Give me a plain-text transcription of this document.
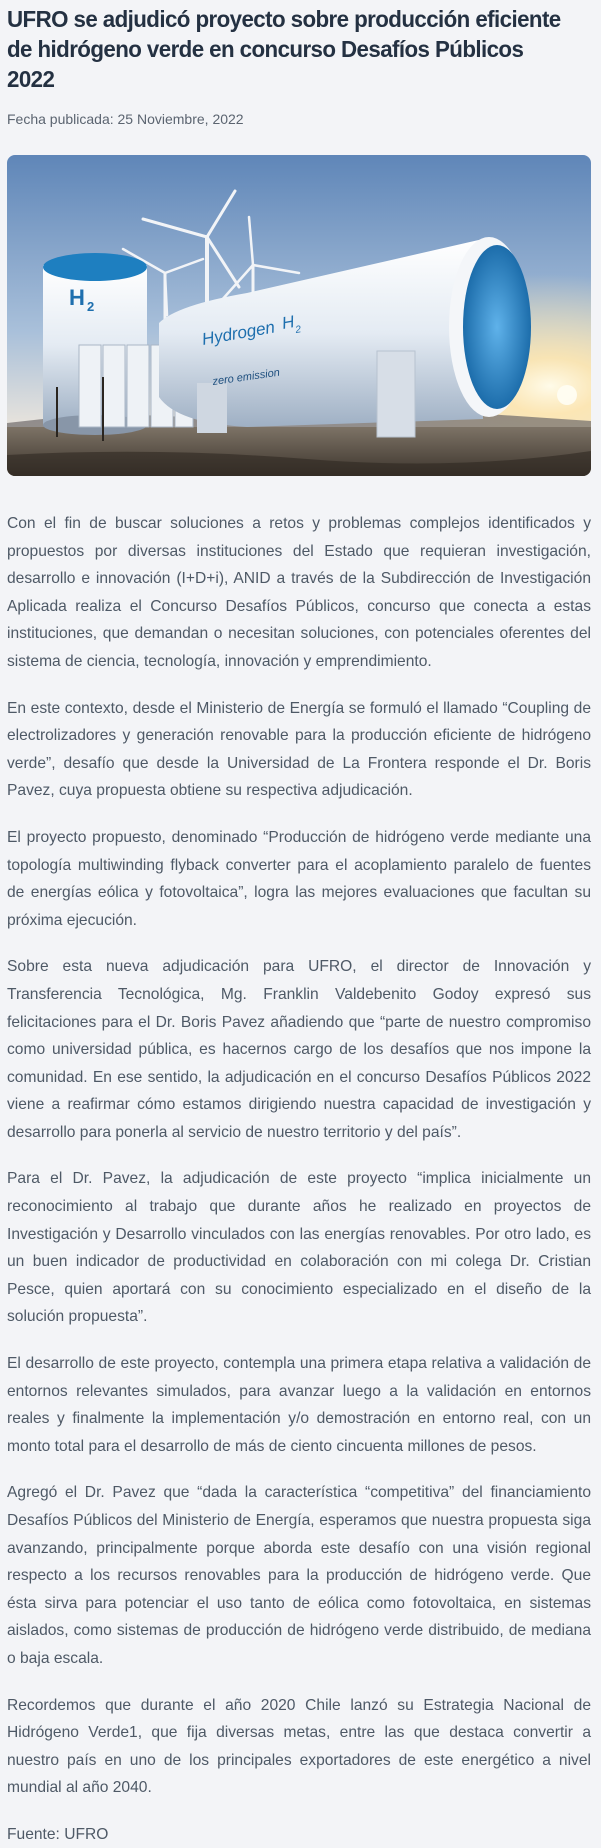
UFRO se adjudicó proyecto sobre producción eficiente de hidrógeno verde en concurso Desafíos Públicos 2022
Fecha publicada: 25 Noviembre, 2022
H 2
Hydrogen H
2
zero emission

Con el fin de buscar soluciones a retos y problemas complejos identificados y propuestos por diversas instituciones del Estado que requieran investigación, desarrollo e innovación (I+D+i), ANID a través de la Subdirección de Investigación Aplicada realiza el Concurso Desafíos Públicos, concurso que conecta a estas instituciones, que demandan o necesitan soluciones, con potenciales oferentes del sistema de ciencia, tecnología, innovación y emprendimiento.

En este contexto, desde el Ministerio de Energía se formuló el llamado “Coupling de electrolizadores y generación renovable para la producción eficiente de hidrógeno verde”, desafío que desde la Universidad de La Frontera responde el Dr. Boris Pavez, cuya propuesta obtiene su respectiva adjudicación.

El proyecto propuesto, denominado “Producción de hidrógeno verde mediante una topología multiwinding flyback converter para el acoplamiento paralelo de fuentes de energías eólica y fotovoltaica”, logra las mejores evaluaciones que facultan su próxima ejecución.

Sobre esta nueva adjudicación para UFRO, el director de Innovación y Transferencia Tecnológica, Mg. Franklin Valdebenito Godoy expresó sus felicitaciones para el Dr. Boris Pavez añadiendo que “parte de nuestro compromiso como universidad pública, es hacernos cargo de los desafíos que nos impone la comunidad. En ese sentido, la adjudicación en el concurso Desafíos Públicos 2022 viene a reafirmar cómo estamos dirigiendo nuestra capacidad de investigación y desarrollo para ponerla al servicio de nuestro territorio y del país”.

Para el Dr. Pavez, la adjudicación de este proyecto “implica inicialmente un reconocimiento al trabajo que durante años he realizado en proyectos de Investigación y Desarrollo vinculados con las energías renovables. Por otro lado, es un buen indicador de productividad en colaboración con mi colega Dr. Cristian Pesce, quien aportará con su conocimiento especializado en el diseño de la solución propuesta”.

El desarrollo de este proyecto, contempla una primera etapa relativa a validación de entornos relevantes simulados, para avanzar luego a la validación en entornos reales y finalmente la implementación y/o demostración en entorno real, con un monto total para el desarrollo de más de ciento cincuenta millones de pesos.

Agregó el Dr. Pavez que “dada la característica “competitiva” del financiamiento Desafíos Públicos del Ministerio de Energía, esperamos que nuestra propuesta siga avanzando, principalmente porque aborda este desafío con una visión regional respecto a los recursos renovables para la producción de hidrógeno verde. Que ésta sirva para potenciar el uso tanto de eólica como fotovoltaica, en sistemas aislados, como sistemas de producción de hidrógeno verde distribuido, de mediana o baja escala.

Recordemos que durante el año 2020 Chile lanzó su Estrategia Nacional de Hidrógeno Verde1, que fija diversas metas, entre las que destaca convertir a nuestro país en uno de los principales exportadores de este energético a nivel mundial al año 2040.

Fuente: UFRO
